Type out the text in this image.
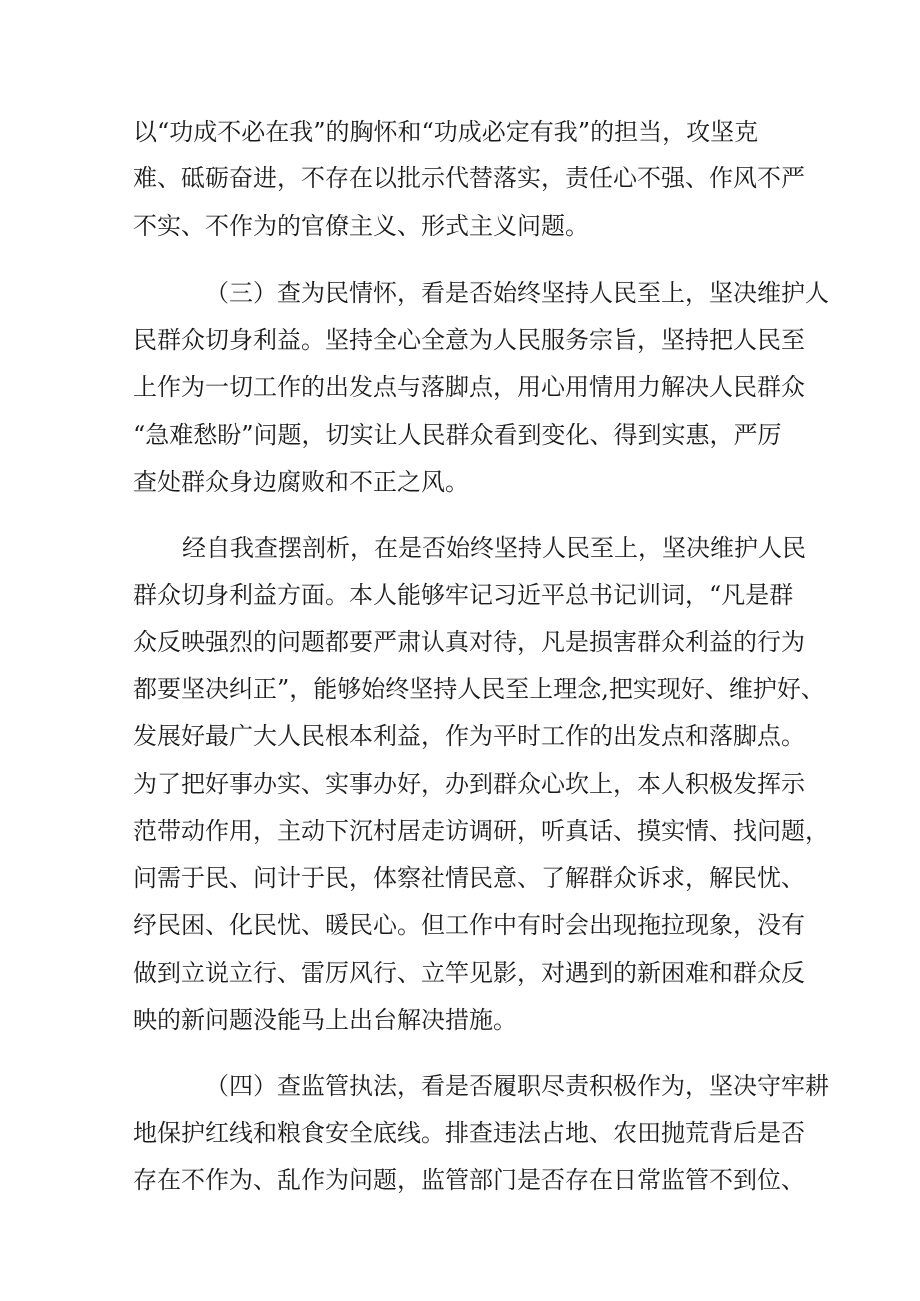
以“功成不必在我”的胸怀和“功成必定有我”的担当，攻坚克
难、砥砺奋进，不存在以批示代替落实，责任心不强、作风不严
不实、不作为的官僚主义、形式主义问题。
（三）查为民情怀，看是否始终坚持人民至上，坚决维护人
民群众切身利益。坚持全心全意为人民服务宗旨，坚持把人民至
上作为一切工作的出发点与落脚点，用心用情用力解决人民群众
“急难愁盼”问题，切实让人民群众看到变化、得到实惠，严厉
查处群众身边腐败和不正之风。
经自我查摆剖析，在是否始终坚持人民至上，坚决维护人民
群众切身利益方面。本人能够牢记习近平总书记训词，“凡是群
众反映强烈的问题都要严肃认真对待，凡是损害群众利益的行为
都要坚决纠正”，能够始终坚持人民至上理念,把实现好、维护好、
发展好最广大人民根本利益，作为平时工作的出发点和落脚点。
为了把好事办实、实事办好，办到群众心坎上，本人积极发挥示
范带动作用，主动下沉村居走访调研，听真话、摸实情、找问题，
问需于民、问计于民，体察社情民意、了解群众诉求，解民忧、
纾民困、化民忧、暖民心。但工作中有时会出现拖拉现象，没有
做到立说立行、雷厉风行、立竿见影，对遇到的新困难和群众反
映的新问题没能马上出台解决措施。
（四）查监管执法，看是否履职尽责积极作为，坚决守牢耕
地保护红线和粮食安全底线。排查违法占地、农田抛荒背后是否
存在不作为、乱作为问题，监管部门是否存在日常监管不到位、
